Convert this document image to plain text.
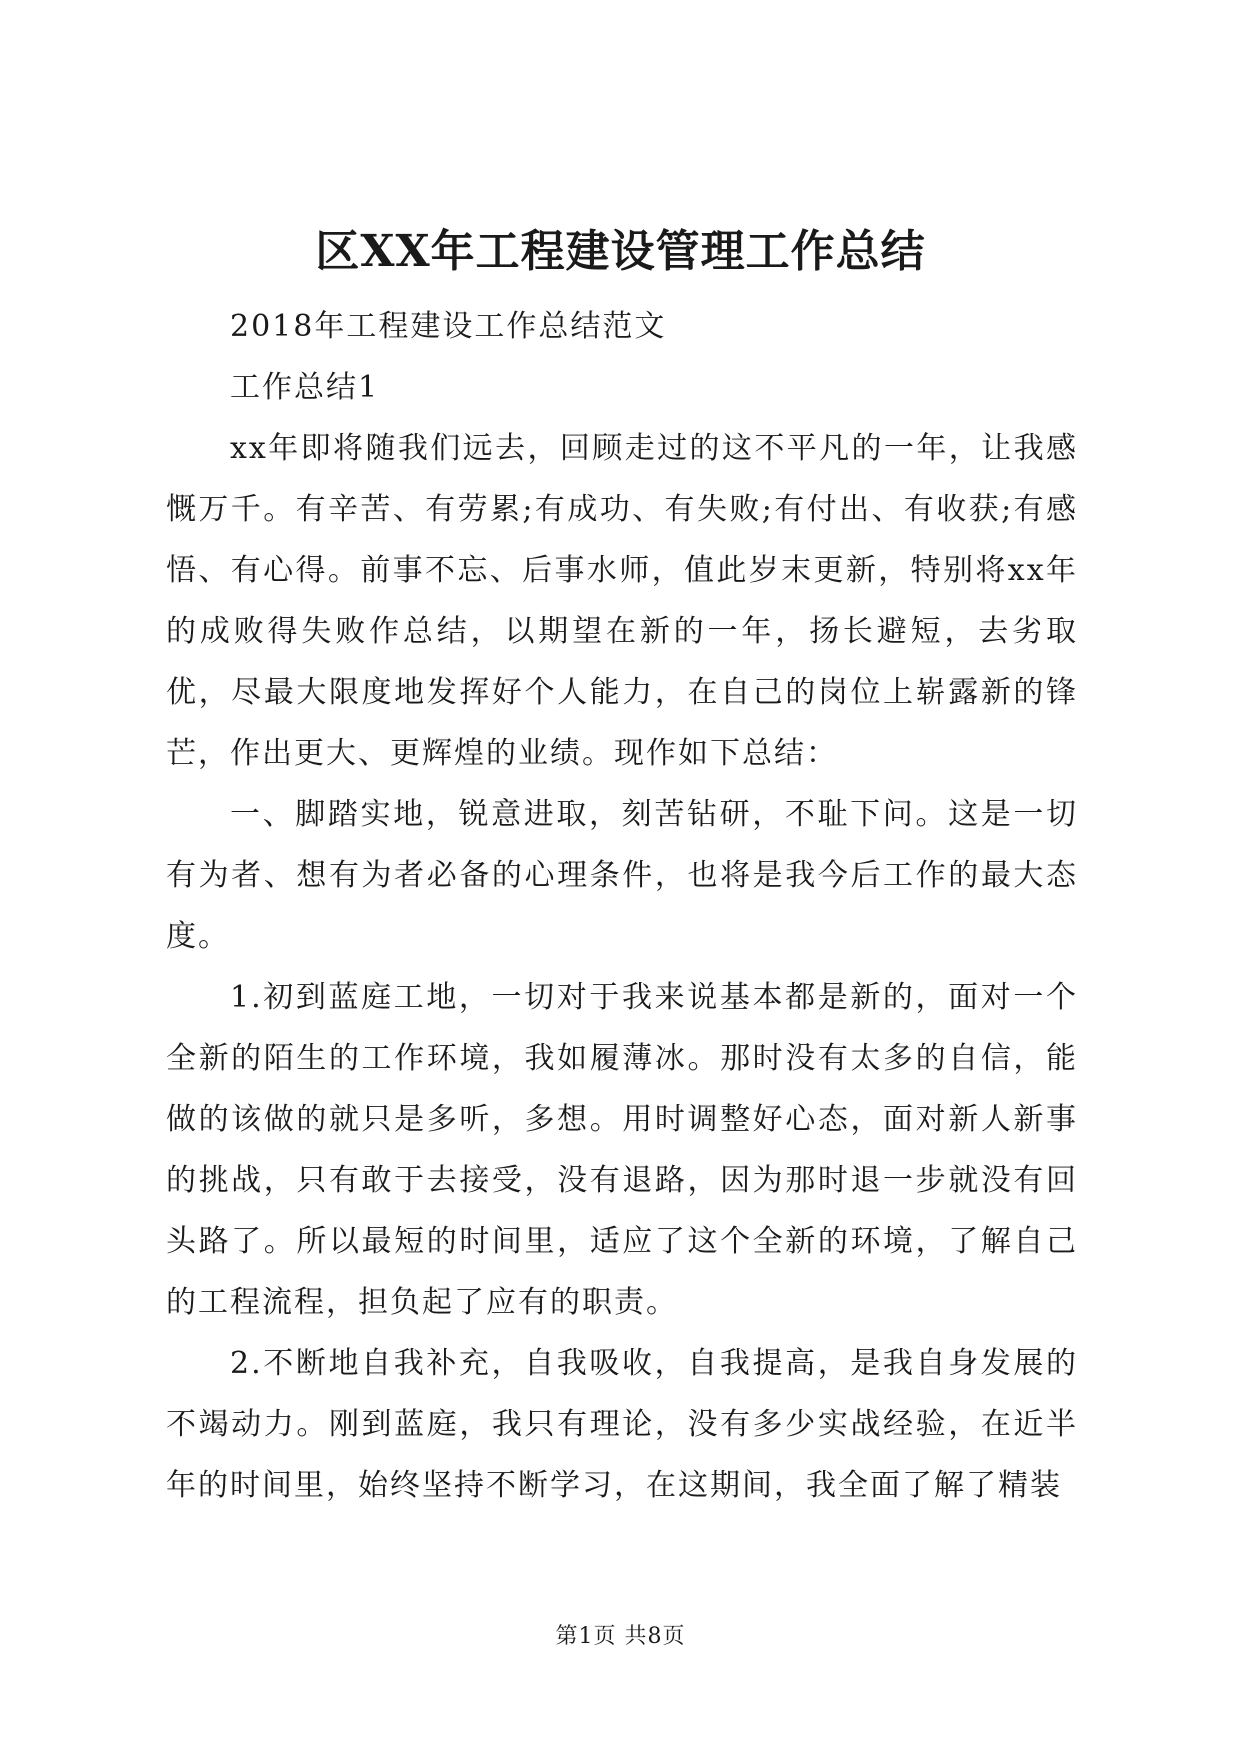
区XX年工程建设管理工作总结

2018年工程建设工作总结范文

工作总结1

xx年即将随我们远去，回顾走过的这不平凡的一年，让我感慨万千。有辛苦、有劳累;有成功、有失败;有付出、有收获;有感悟、有心得。前事不忘、后事水师，值此岁末更新，特别将xx年的成败得失败作总结，以期望在新的一年，扬长避短，去劣取优，尽最大限度地发挥好个人能力，在自己的岗位上崭露新的锋芒，作出更大、更辉煌的业绩。现作如下总结：

一、脚踏实地，锐意进取，刻苦钻研，不耻下问。这是一切有为者、想有为者必备的心理条件，也将是我今后工作的最大态度。

1.初到蓝庭工地，一切对于我来说基本都是新的，面对一个全新的陌生的工作环境，我如履薄冰。那时没有太多的自信，能做的该做的就只是多听，多想。用时调整好心态，面对新人新事的挑战，只有敢于去接受，没有退路，因为那时退一步就没有回头路了。所以最短的时间里，适应了这个全新的环境，了解自己的工程流程，担负起了应有的职责。

2.不断地自我补充，自我吸收，自我提高，是我自身发展的不竭动力。刚到蓝庭，我只有理论，没有多少实战经验，在近半年的时间里，始终坚持不断学习，在这期间，我全面了解了精装

第1页 共8页
